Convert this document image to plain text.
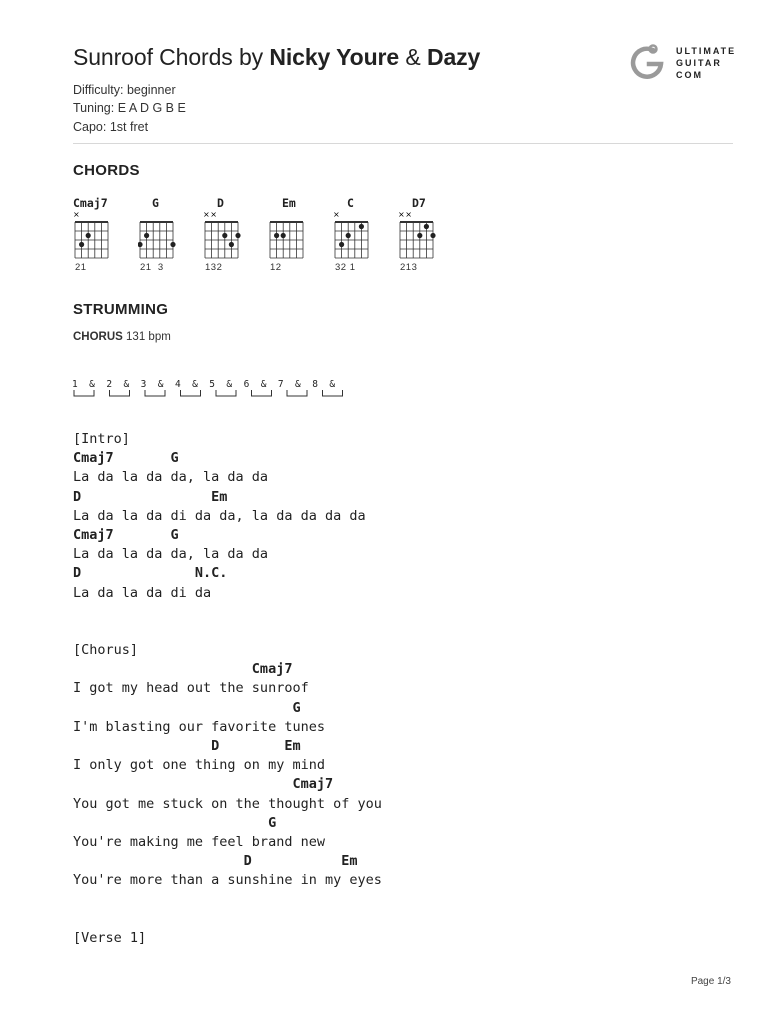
Sunroof Chords by Nicky Youre & Dazy	ULTIMATE
GUITAR
COM
Difficulty: beginner
Tuning: E A D G B E
Capo: 1st fret
CHORDS
Cmaj7
×
21
G
21  3
D
××
132
Em
12
C
×
32 1
D7
××
213
STRUMMING
CHORUS 131 bpm
1  &  2  &  3  &  4  &  5  &  6  &  7  &  8  &
[Intro]
Cmaj7       G
La da la da da, la da da
D                Em
La da la da di da da, la da da da da
Cmaj7       G
La da la da da, la da da
D              N.C.
La da la da di da
[Chorus]
Cmaj7
I got my head out the sunroof
G
I'm blasting our favorite tunes
D        Em
I only got one thing on my mind
Cmaj7
You got me stuck on the thought of you
G
You're making me feel brand new
D           Em
You're more than a sunshine in my eyes
[Verse 1]
Page 1/3
